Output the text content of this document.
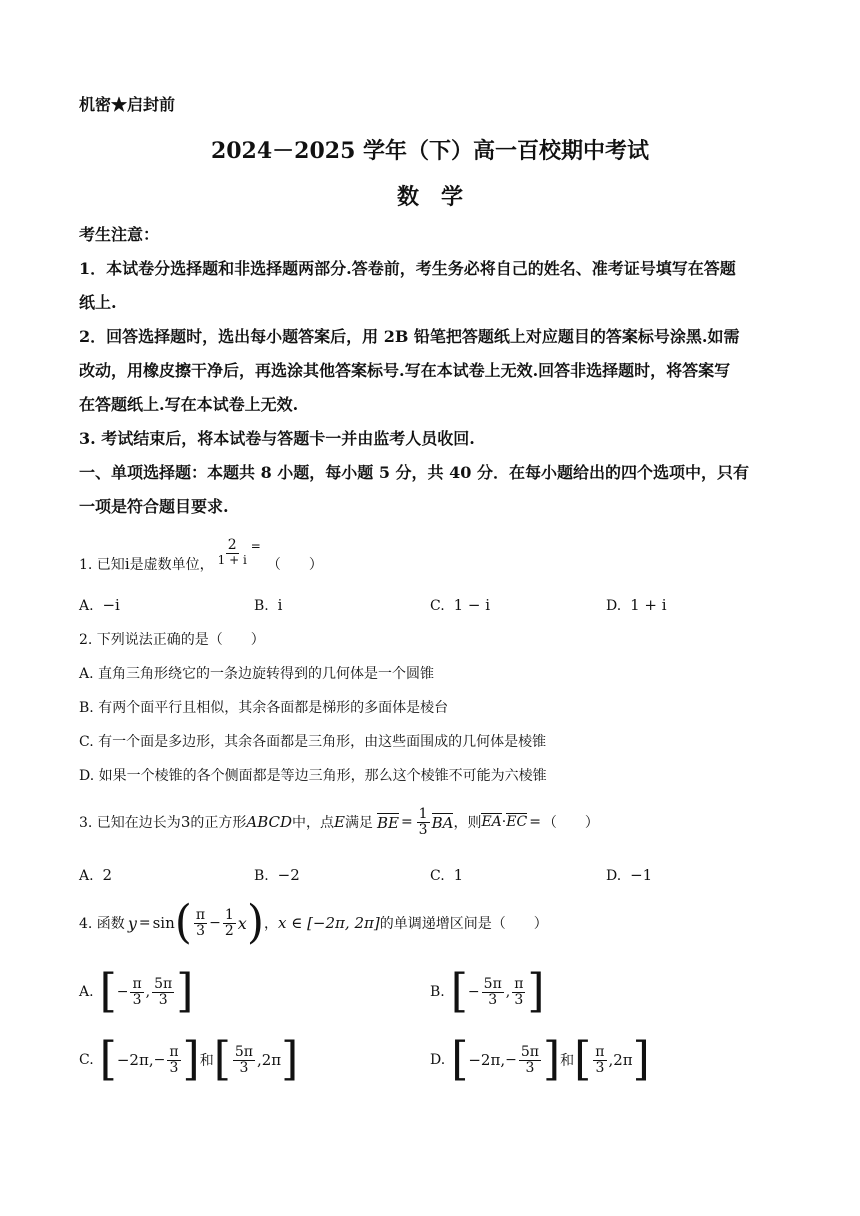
机密★启封前
2024－2025 学年（下）高一百校期中考试
数　学
考生注意：
1．本试卷分选择题和非选择题两部分.答卷前，考生务必将自己的姓名、准考证号填写在答题
纸上.
2．回答选择题时，选出每小题答案后，用 2B 铅笔把答题纸上对应题目的答案标号涂黑.如需
改动，用橡皮擦干净后，再选涂其他答案标号.写在本试卷上无效.回答非选择题时，将答案写
在答题纸上.写在本试卷上无效.
3. 考试结束后，将本试卷与答题卡一并由监考人员收回.
一、单项选择题：本题共 8 小题，每小题 5 分，共 40 分．在每小题给出的四个选项中，只有
一项是符合题目要求.
1. 已知 i 是虚数单位， $\frac{2}{1 + i}$ =
（　　）
A. −i	B. i	C. 1 − i	D. 1 + i
2. 下列说法正确的是（　　）
A. 直角三角形绕它的一条边旋转得到的几何体是一个圆锥
B. 有两个面平行且相似，其余各面都是梯形的多面体是棱台
C. 有一个面是多边形，其余各面都是三角形，由这些面围成的几何体是棱锥
D. 如果一个棱锥的各个侧面都是等边三角形，那么这个棱锥不可能为六棱锥
3. 已知在边长为 3 的正方形 ABCD 中，点 E 满足 BE = $\frac{1}{3}$ BA ，则 EA · EC = （　　）
A. 2	B. −2	C. 1	D. −1
4. 函数 y = sin ( $\frac{\pi}{3} - \frac{1}{2}$ x ) ， x ∈ [−2π, 2π] 的单调递增区间是（　　）
A. [ − $\frac{\pi}{3}$ , $\frac{5\pi}{3}$ ]	B. [ − $\frac{5\pi}{3}$ , $\frac{\pi}{3}$ ]
C. [ −2π, − $\frac{\pi}{3}$ ] 和 [ $\frac{5\pi}{3} ,2\pi$ ]	D. [ −2π, − $\frac{5\pi}{3}$ ] 和 [ $\frac{\pi}{3} ,2\pi$ ]
